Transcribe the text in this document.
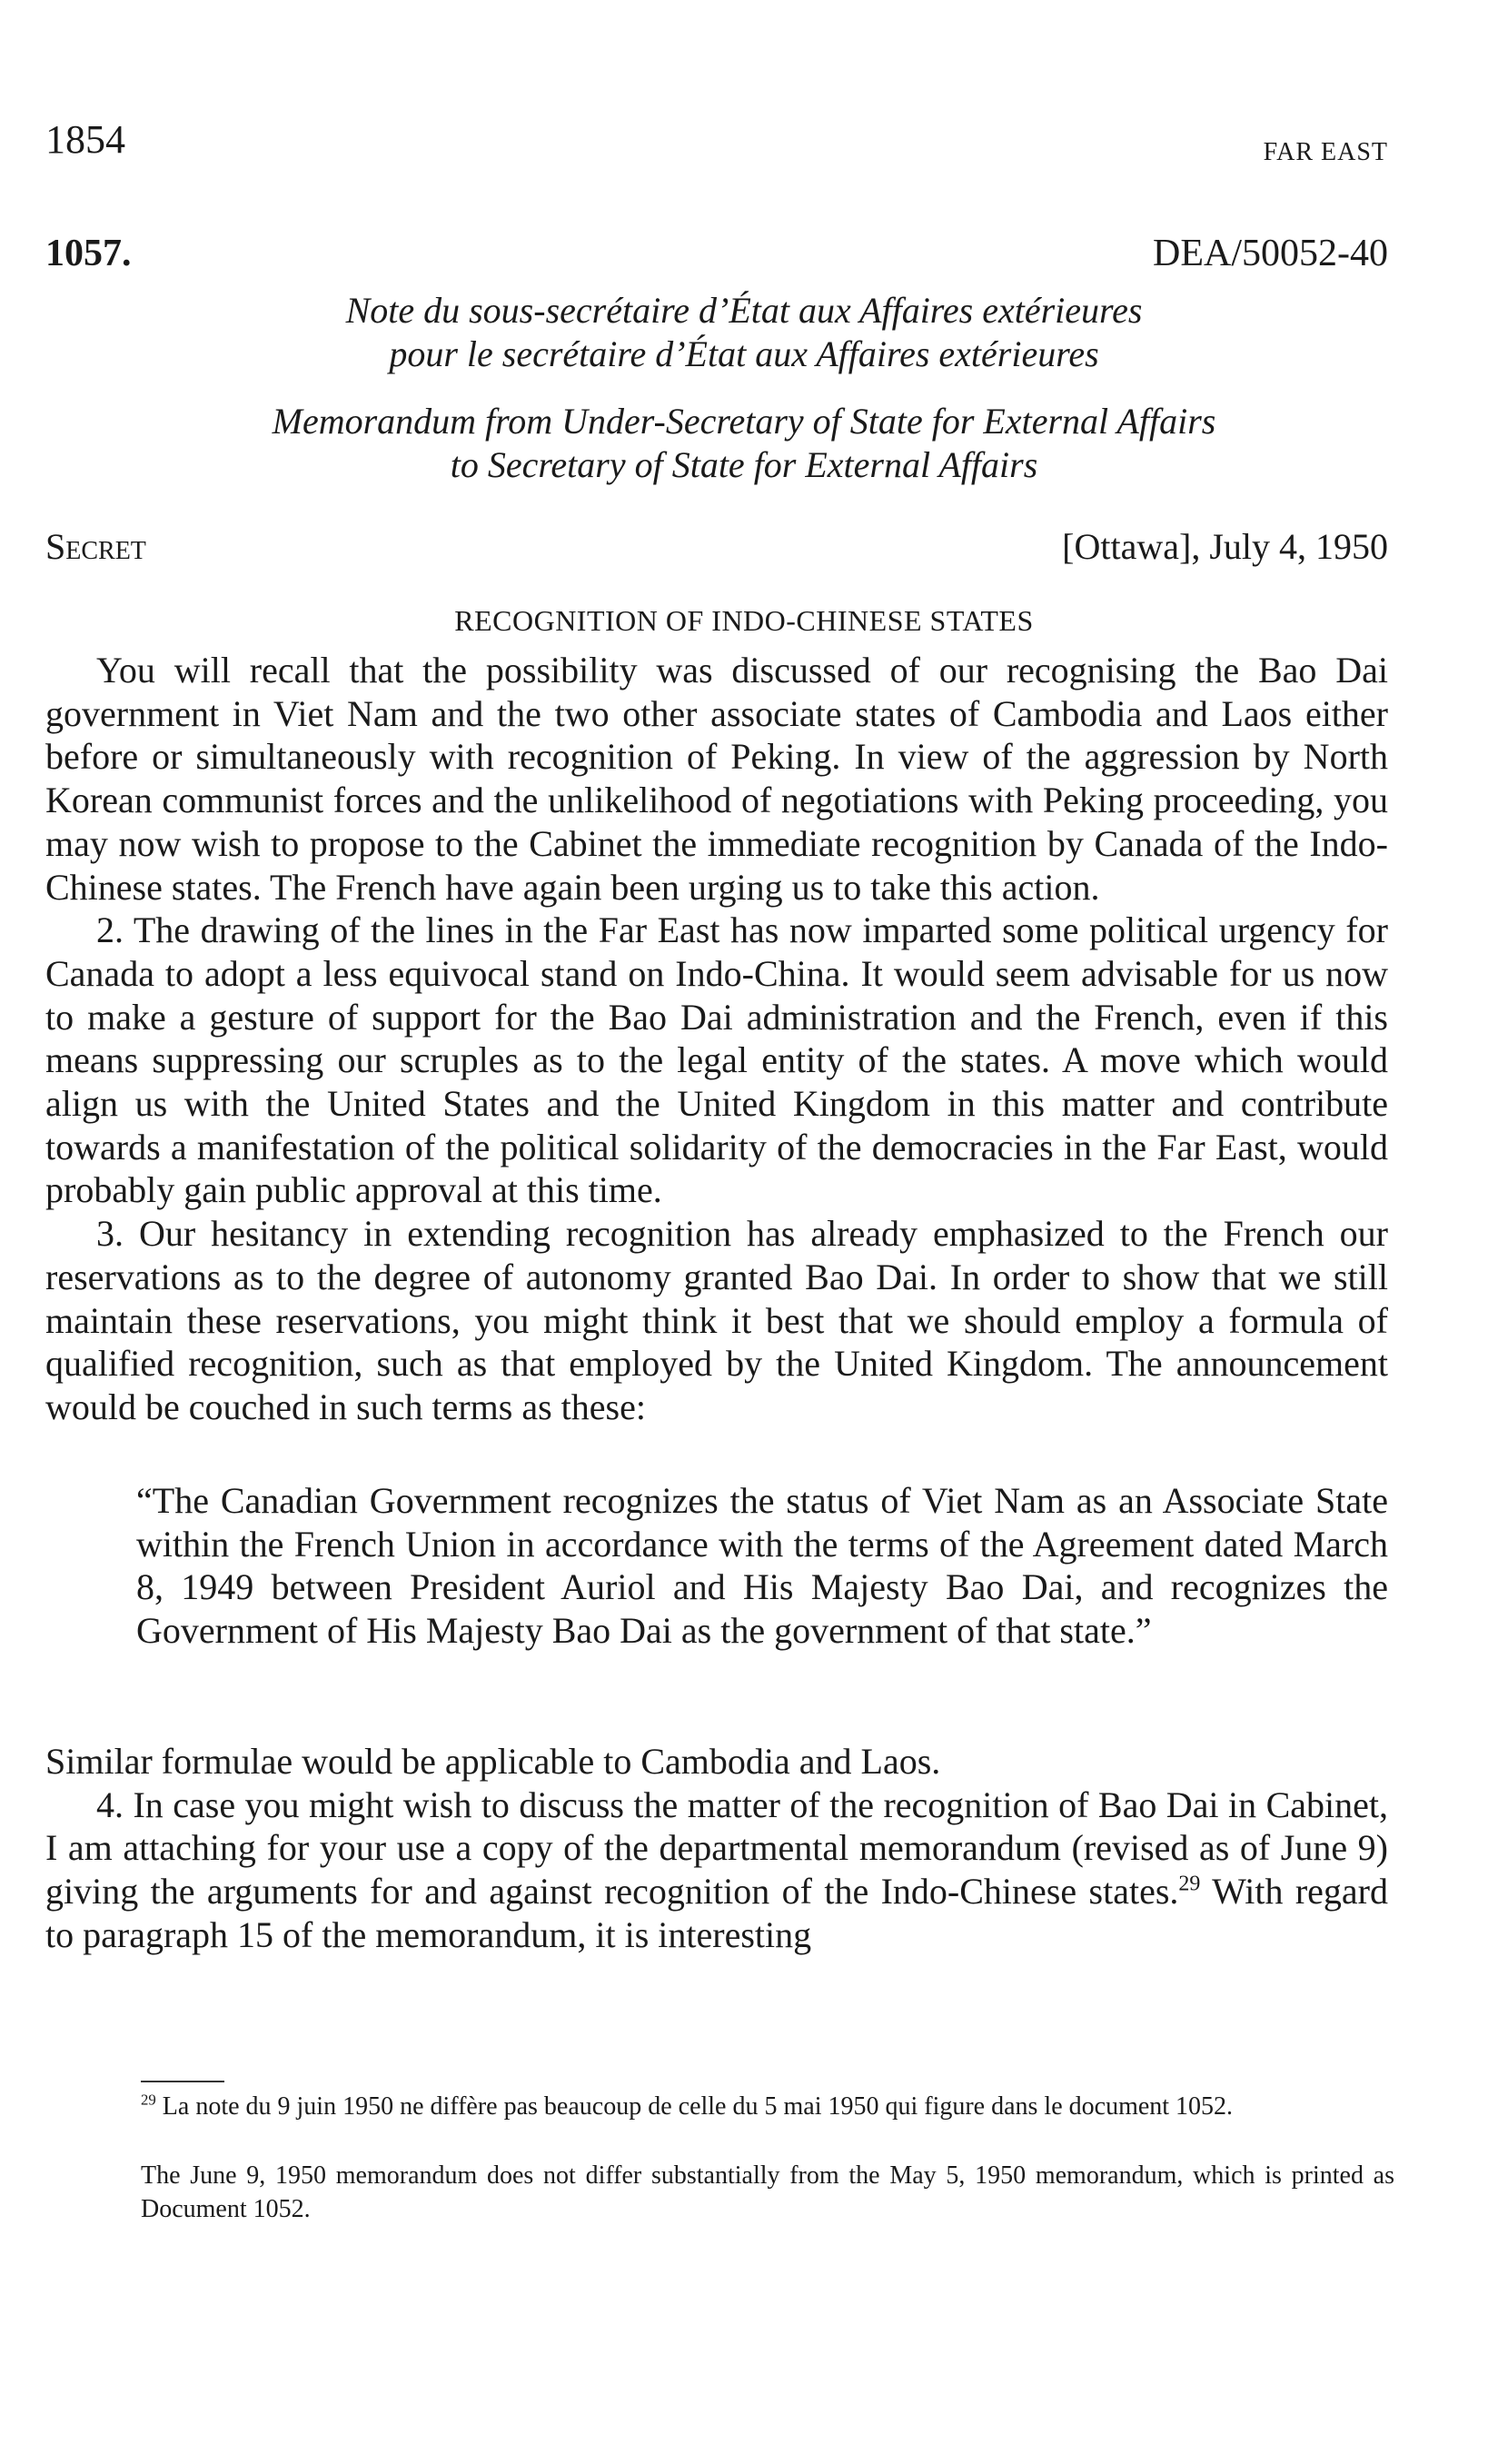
1854	FAR EAST
1057.	DEA/50052-40
Note du sous-secrétaire d’État aux Affaires extérieures
pour le secrétaire d’État aux Affaires extérieures
Memorandum from Under-Secretary of State for External Affairs
to Secretary of State for External Affairs
Secret	[Ottawa], July 4, 1950
RECOGNITION OF INDO-CHINESE STATES

You will recall that the possibility was discussed of our recognising the Bao Dai government in Viet Nam and the two other associate states of Cambodia and Laos either before or simultaneously with recognition of Peking. In view of the aggression by North Korean communist forces and the unlikelihood of negotiations with Peking proceeding, you may now wish to propose to the Cabinet the immediate recognition by Canada of the Indo-Chinese states. The French have again been urging us to take this action.

2. The drawing of the lines in the Far East has now imparted some political urgency for Canada to adopt a less equivocal stand on Indo-China. It would seem advisable for us now to make a gesture of support for the Bao Dai administration and the French, even if this means suppressing our scruples as to the legal entity of the states. A move which would align us with the United States and the United Kingdom in this matter and contribute towards a manifestation of the political solidarity of the democracies in the Far East, would probably gain public approval at this time.

3. Our hesitancy in extending recognition has already emphasized to the French our reservations as to the degree of autonomy granted Bao Dai. In order to show that we still maintain these reservations, you might think it best that we should employ a formula of qualified recognition, such as that employed by the United Kingdom. The announcement would be couched in such terms as these:

“The Canadian Government recognizes the status of Viet Nam as an Associate State within the French Union in accordance with the terms of the Agreement dated March 8, 1949 between President Auriol and His Majesty Bao Dai, and recognizes the Government of His Majesty Bao Dai as the government of that state.”

Similar formulae would be applicable to Cambodia and Laos.

4. In case you might wish to discuss the matter of the recognition of Bao Dai in Cabinet, I am attaching for your use a copy of the departmental memorandum (revised as of June 9) giving the arguments for and against recognition of the Indo-Chinese states.$^{29}$ With regard to paragraph 15 of the memorandum, it is interesting

$^{29}$ La note du 9 juin 1950 ne diffère pas beaucoup de celle du 5 mai 1950 qui figure dans le document 1052.
The June 9, 1950 memorandum does not differ substantially from the May 5, 1950 memorandum, which is printed as Document 1052.
